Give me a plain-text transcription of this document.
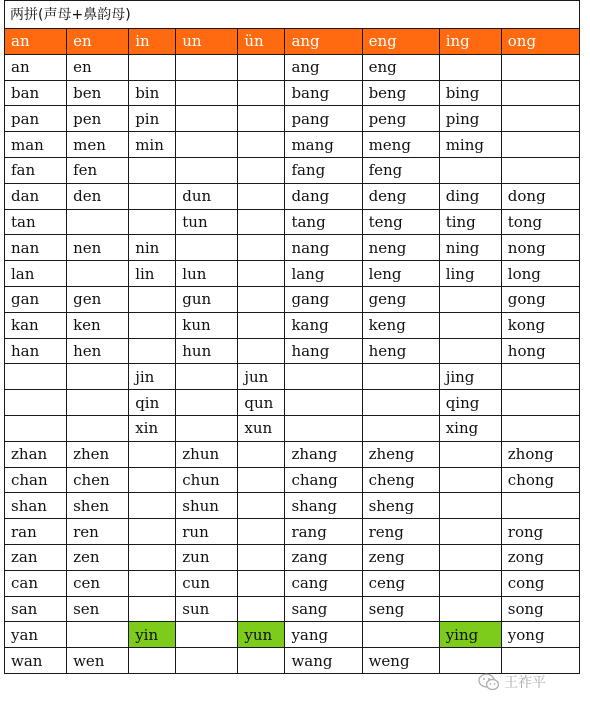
两拼(声母+鼻韵母)
an	en	in	un	ün	ang	eng	ing	ong
an	en				ang	eng		
ban	ben	bin			bang	beng	bing	
pan	pen	pin			pang	peng	ping	
man	men	min			mang	meng	ming	
fan	fen				fang	feng		
dan	den		dun		dang	deng	ding	dong
tan			tun		tang	teng	ting	tong
nan	nen	nin			nang	neng	ning	nong
lan		lin	lun		lang	leng	ling	long
gan	gen		gun		gang	geng		gong
kan	ken		kun		kang	keng		kong
han	hen		hun		hang	heng		hong
		jin		jun			jing	
		qin		qun			qing	
		xin		xun			xing	
zhan	zhen		zhun		zhang	zheng		zhong
chan	chen		chun		chang	cheng		chong
shan	shen		shun		shang	sheng		
ran	ren		run		rang	reng		rong
zan	zen		zun		zang	zeng		zong
can	cen		cun		cang	ceng		cong
san	sen		sun		sang	seng		song
yan		yin		yun	yang		ying	yong
wan	wen				wang	weng		
王祚平
